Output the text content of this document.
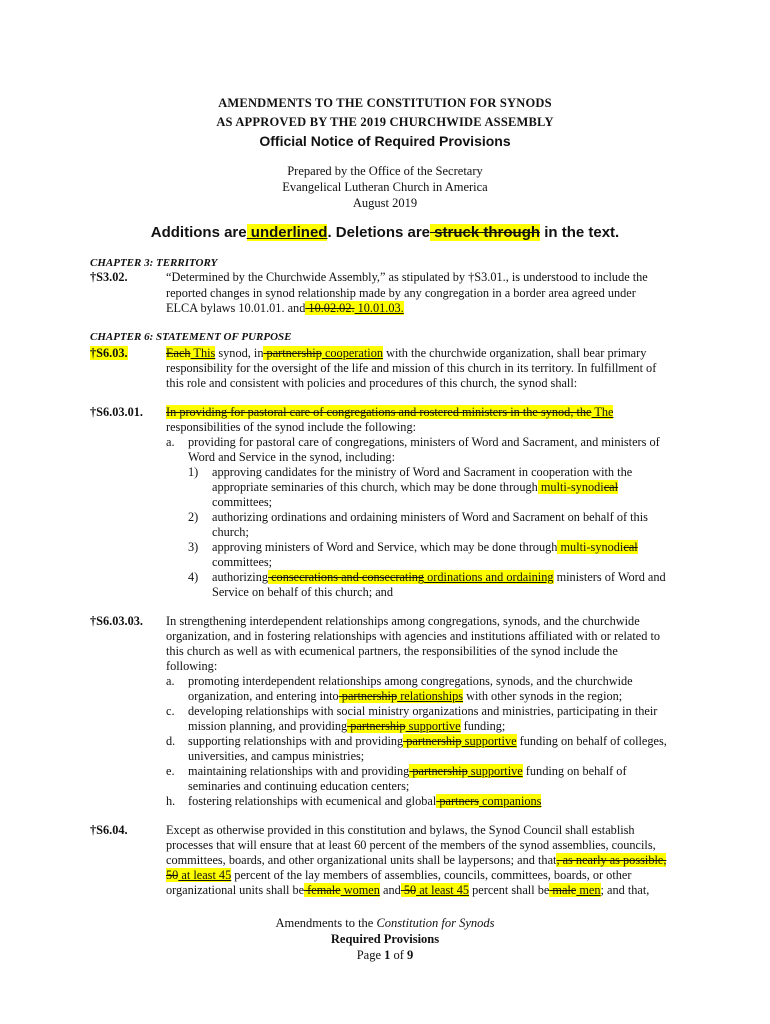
AMENDMENTS TO THE CONSTITUTION FOR SYNODS
AS APPROVED BY THE 2019 CHURCHWIDE ASSEMBLY
Official Notice of Required Provisions
Prepared by the Office of the Secretary
Evangelical Lutheran Church in America
August 2019
Additions are underlined. Deletions are struck through in the text.
CHAPTER 3: TERRITORY
†S3.02.	“Determined by the Churchwide Assembly,” as stipulated by †S3.01., is understood to include the
reported changes in synod relationship made by any congregation in a border area agreed under
ELCA bylaws 10.01.01. and 10.02.02. 10.01.03.
CHAPTER 6: STATEMENT OF PURPOSE
†S6.03.	Each This synod, in partnership cooperation with the churchwide organization, shall bear primary
responsibility for the oversight of the life and mission of this church in its territory. In fulfillment of
this role and consistent with policies and procedures of this church, the synod shall:
†S6.03.01. In providing for pastoral care of congregations and rostered ministers in the synod, the The
responsibilities of the synod include the following:
a. providing for pastoral care of congregations, ministers of Word and Sacrament, and ministers of
Word and Service in the synod, including:
1) approving candidates for the ministry of Word and Sacrament in cooperation with the
appropriate seminaries of this church, which may be done through multi-synodical
committees;
2) authorizing ordinations and ordaining ministers of Word and Sacrament on behalf of this
church;
3) approving ministers of Word and Service, which may be done through multi-synodical
committees;
4) authorizing consecrations and consecrating ordinations and ordaining ministers of Word and
Service on behalf of this church; and
†S6.03.03. In strengthening interdependent relationships among congregations, synods, and the churchwide
organization, and in fostering relationships with agencies and institutions affiliated with or related to
this church as well as with ecumenical partners, the responsibilities of the synod include the
following:
a. promoting interdependent relationships among congregations, synods, and the churchwide
organization, and entering into partnership relationships with other synods in the region;
c. developing relationships with social ministry organizations and ministries, participating in their
mission planning, and providing partnership supportive funding;
d. supporting relationships with and providing partnership supportive funding on behalf of colleges,
universities, and campus ministries;
e. maintaining relationships with and providing partnership supportive funding on behalf of
seminaries and continuing education centers;
h. fostering relationships with ecumenical and global partners companions
†S6.04.	Except as otherwise provided in this constitution and bylaws, the Synod Council shall establish
processes that will ensure that at least 60 percent of the members of the synod assemblies, councils,
committees, boards, and other organizational units shall be laypersons; and that, as nearly as possible,
50 at least 45 percent of the lay members of assemblies, councils, committees, boards, or other
organizational units shall be female women and 50 at least 45 percent shall be male men; and that,
Amendments to the Constitution for Synods
Required Provisions
Page 1 of 9
